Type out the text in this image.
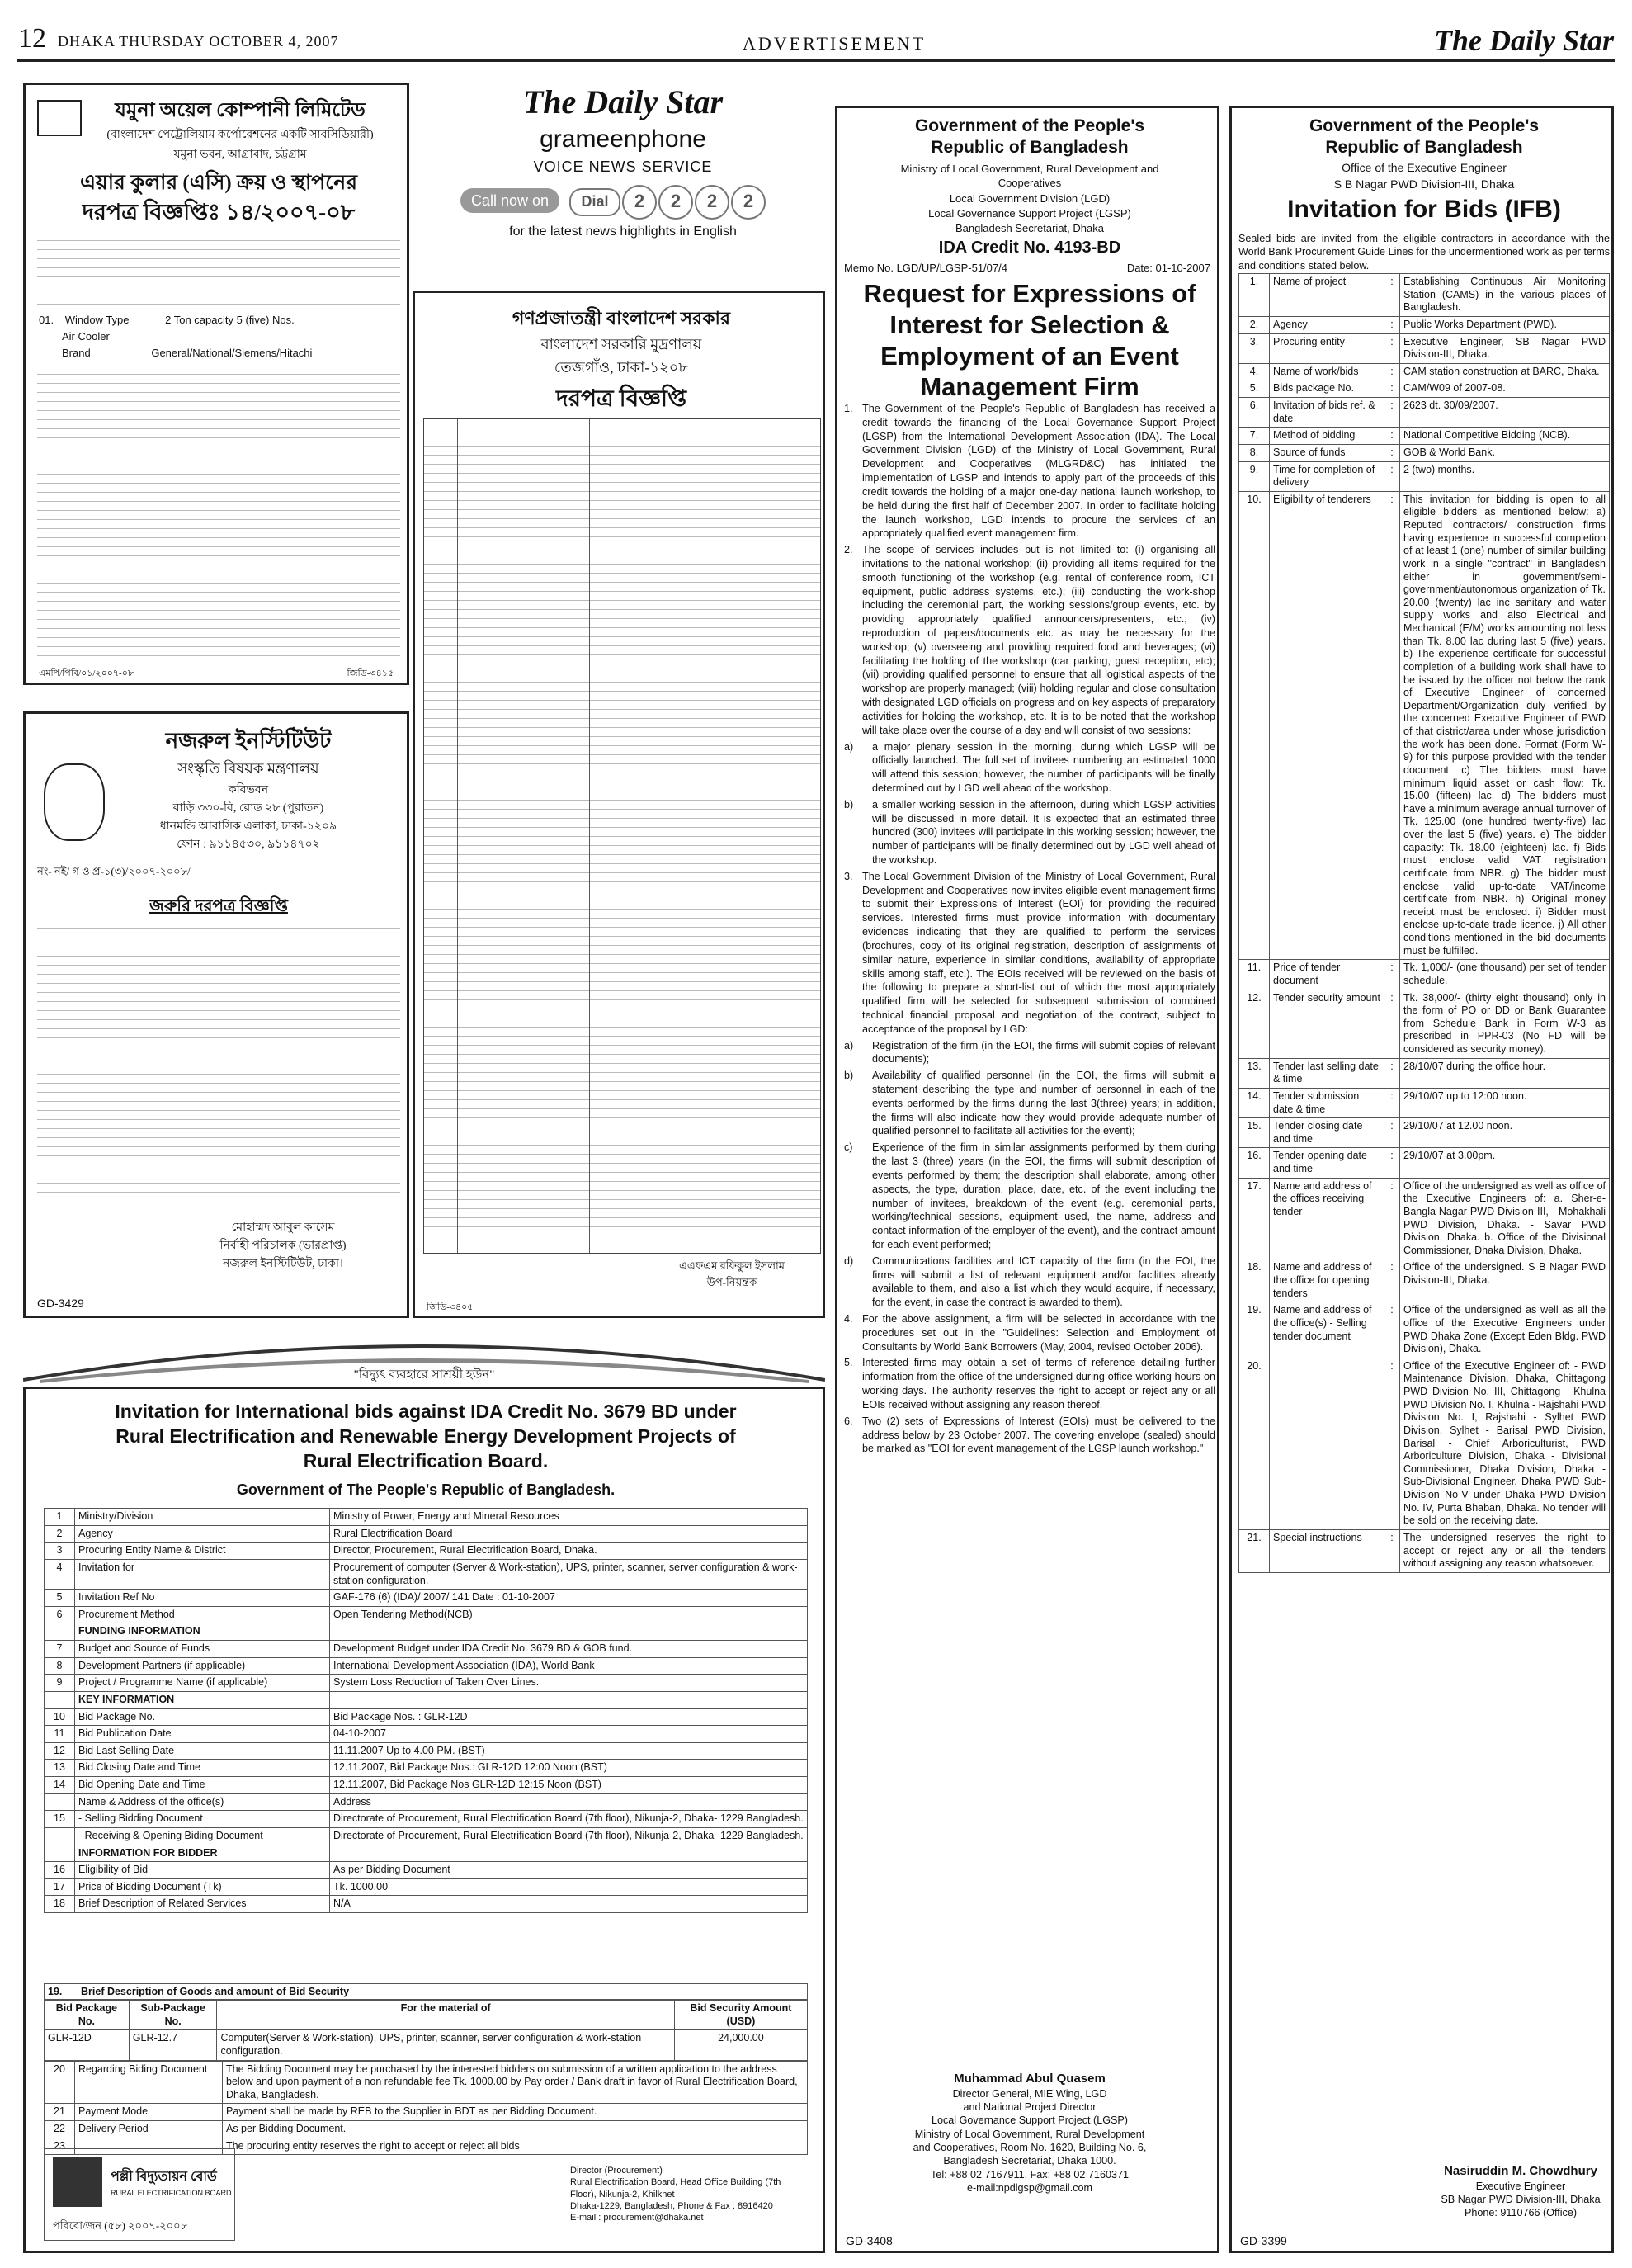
12 DHAKA THURSDAY OCTOBER 4, 2007	ADVERTISEMENT	The Daily Star
যমুনা অয়েল কোম্পানী লিমিটেড
(বাংলাদেশ পেট্রোলিয়াম কর্পোরেশনের একটি সাবসিডিয়ারী)
যমুনা ভবন, আগ্রাবাদ, চট্টগ্রাম
এয়ার কুলার (এসি) ক্রয় ও স্থাপনের
দরপত্র বিজ্ঞপ্তিঃ ১৪/২০০৭-০৮
01. Window Type	2 Ton capacity 5 (five) Nos.
Air Cooler
Brand	General/National/Siemens/Hitachi
এমপি/পিবি/০১/২০০৭-০৮	জিডি-৩৪১৫
The Daily Star
grameenphone
VOICE NEWS SERVICE
Call now on	Dial	2	2	2	2
for the latest news highlights in English
গণপ্রজাতন্ত্রী বাংলাদেশ সরকার
বাংলাদেশ সরকারি মুদ্রণালয়
তেজগাঁও, ঢাকা-১২০৮
দরপত্র বিজ্ঞপ্তি
এএফএম রফিকুল ইসলাম
উপ-নিয়ন্ত্রক
জিডি-৩৪০৫
নজরুল ইনস্টিটিউট
সংস্কৃতি বিষয়ক মন্ত্রণালয়
কবিভবন
বাড়ি ৩৩০-বি, রোড ২৮ (পুরাতন)
ধানমন্ডি আবাসিক এলাকা, ঢাকা-১২০৯
ফোন : ৯১১৪৫৩০, ৯১১৪৭০২
নং- নই/ গ ও প্র-১(৩)/২০০৭-২০০৮/
জরুরি দরপত্র বিজ্ঞপ্তি
মোহাম্মদ আবুল কাসেম
নির্বাহী পরিচালক (ভারপ্রাপ্ত)
নজরুল ইনস্টিটিউট, ঢাকা।
GD-3429
"বিদ্যুৎ ব্যবহারে সাশ্রয়ী হউন"
Invitation for International bids against IDA Credit No. 3679 BD under
Rural Electrification and Renewable Energy Development Projects of
Rural Electrification Board.
Government of The People's Republic of Bangladesh.
1	Ministry/Division	Ministry of Power, Energy and Mineral Resources
2	Agency	Rural Electrification Board
3	Procuring Entity Name & District	Director, Procurement, Rural Electrification Board, Dhaka.
4	Invitation for	Procurement of computer (Server & Work-station), UPS, printer, scanner, server configuration & work-station configuration.
5	Invitation Ref No	GAF-176 (6) (IDA)/ 2007/ 141 Date : 01-10-2007
6	Procurement Method	Open Tendering Method(NCB)
	FUNDING INFORMATION	
7	Budget and Source of Funds	Development Budget under IDA Credit No. 3679 BD & GOB fund.
8	Development Partners (if applicable)	International Development Association (IDA), World Bank
9	Project / Programme Name (if applicable)	System Loss Reduction of Taken Over Lines.
	KEY INFORMATION	
10	Bid Package No.	Bid Package Nos. : GLR-12D
11	Bid Publication Date	04-10-2007
12	Bid Last Selling Date	11.11.2007 Up to 4.00 PM. (BST)
13	Bid Closing Date and Time	12.11.2007, Bid Package Nos.: GLR-12D 12:00 Noon (BST)
14	Bid Opening Date and Time	12.11.2007, Bid Package Nos GLR-12D 12:15 Noon (BST)
	Name & Address of the office(s)	Address
15	- Selling Bidding Document	Directorate of Procurement, Rural Electrification Board (7th floor), Nikunja-2, Dhaka- 1229 Bangladesh.
	- Receiving & Opening Biding Document	Directorate of Procurement, Rural Electrification Board (7th floor), Nikunja-2, Dhaka- 1229 Bangladesh.
	INFORMATION FOR BIDDER	
16	Eligibility of Bid	As per Bidding Document
17	Price of Bidding Document (Tk)	Tk. 1000.00
18	Brief Description of Related Services	N/A
19. Brief Description of Goods and amount of Bid Security
Bid Package No.	Sub-Package No.	For the material of	Bid Security Amount (USD)
GLR-12D	GLR-12.7	Computer(Server & Work-station), UPS, printer, scanner, server configuration & work-station configuration.	24,000.00
20	Regarding Biding Document	The Bidding Document may be purchased by the interested bidders on submission of a written application to the address below and upon payment of a non refundable fee Tk. 1000.00 by Pay order / Bank draft in favor of Rural Electrification Board, Dhaka, Bangladesh.
21	Payment Mode	Payment shall be made by REB to the Supplier in BDT as per Bidding Document.
22	Delivery Period	As per Bidding Document.
23		The procuring entity reserves the right to accept or reject all bids
পল্লী বিদ্যুতায়ন বোর্ড
RURAL ELECTRIFICATION BOARD
পবিবো/জন (৫৮) ২০০৭-২০০৮
Director (Procurement)
Rural Electrification Board, Head Office Building (7th Floor), Nikunja-2, Khilkhet
Dhaka-1229, Bangladesh, Phone & Fax : 8916420
E-mail : procurement@dhaka.net
Government of the People's
Republic of Bangladesh
Ministry of Local Government, Rural Development and Cooperatives
Local Government Division (LGD)
Local Governance Support Project (LGSP)
Bangladesh Secretariat, Dhaka
IDA Credit No. 4193-BD
Memo No. LGD/UP/LGSP-51/07/4	Date: 01-10-2007
Request for Expressions of Interest for Selection & Employment of an Event Management Firm
1. The Government of the People's Republic of Bangladesh has received a credit towards the financing of the Local Governance Support Project (LGSP) from the International Development Association (IDA). The Local Government Division (LGD) of the Ministry of Local Government, Rural Development and Cooperatives (MLGRD&C) has initiated the implementation of LGSP and intends to apply part of the proceeds of this credit towards the holding of a major one-day national launch workshop, to be held during the first half of December 2007. In order to facilitate holding the launch workshop, LGD intends to procure the services of an appropriately qualified event management firm.
2. The scope of services includes but is not limited to: (i) organising all invitations to the national workshop; (ii) providing all items required for the smooth functioning of the workshop (e.g. rental of conference room, ICT equipment, public address systems, etc.); (iii) conducting the work-shop including the ceremonial part, the working sessions/group events, etc. by providing appropriately qualified announcers/presenters, etc.; (iv) reproduction of papers/documents etc. as may be necessary for the workshop; (v) overseeing and providing required food and beverages; (vi) facilitating the holding of the workshop (car parking, guest reception, etc); (vii) providing qualified personnel to ensure that all logistical aspects of the workshop are properly managed; (viii) holding regular and close consultation with designated LGD officials on progress and on key aspects of preparatory activities for holding the workshop, etc. It is to be noted that the workshop will take place over the course of a day and will consist of two sessions:
a)	a major plenary session in the morning, during which LGSP will be officially launched. The full set of invitees numbering an estimated 1000 will attend this session; however, the number of participants will be finally determined out by LGD well ahead of the workshop.
b)	a smaller working session in the afternoon, during which LGSP activities will be discussed in more detail. It is expected that an estimated three hundred (300) invitees will participate in this working session; however, the number of participants will be finally determined out by LGD well ahead of the workshop.
3. The Local Government Division of the Ministry of Local Government, Rural Development and Cooperatives now invites eligible event management firms to submit their Expressions of Interest (EOI) for providing the required services. Interested firms must provide information with documentary evidences indicating that they are qualified to perform the services (brochures, copy of its original registration, description of assignments of similar nature, experience in similar conditions, availability of appropriate skills among staff, etc.). The EOIs received will be reviewed on the basis of the following to prepare a short-list out of which the most appropriately qualified firm will be selected for subsequent submission of combined technical financial proposal and negotiation of the contract, subject to acceptance of the proposal by LGD:
a)	Registration of the firm (in the EOI, the firms will submit copies of relevant documents);
b)	Availability of qualified personnel (in the EOI, the firms will submit a statement describing the type and number of personnel in each of the events performed by the firms during the last 3(three) years; in addition, the firms will also indicate how they would provide adequate number of qualified personnel to facilitate all activities for the event);
c)	Experience of the firm in similar assignments performed by them during the last 3 (three) years (in the EOI, the firms will submit description of events performed by them; the description shall elaborate, among other aspects, the type, duration, place, date, etc. of the event including the number of invitees, breakdown of the event (e.g. ceremonial parts, working/technical sessions, equipment used, the name, address and contact information of the employer of the event), and the contract amount for each event performed;
d)	Communications facilities and ICT capacity of the firm (in the EOI, the firms will submit a list of relevant equipment and/or facilities already available to them, and also a list which they would acquire, if necessary, for the event, in case the contract is awarded to them).
4. For the above assignment, a firm will be selected in accordance with the procedures set out in the "Guidelines: Selection and Employment of Consultants by World Bank Borrowers (May, 2004, revised October 2006).
5. Interested firms may obtain a set of terms of reference detailing further information from the office of the undersigned during office working hours on working days. The authority reserves the right to accept or reject any or all EOIs received without assigning any reason thereof.
6. Two (2) sets of Expressions of Interest (EOIs) must be delivered to the address below by 23 October 2007. The covering envelope (sealed) should be marked as "EOI for event management of the LGSP launch workshop."
Muhammad Abul Quasem
Director General, MIE Wing, LGD
and National Project Director
Local Governance Support Project (LGSP)
Ministry of Local Government, Rural Development
and Cooperatives, Room No. 1620, Building No. 6,
Bangladesh Secretariat, Dhaka 1000.
Tel: +88 02 7167911, Fax: +88 02 7160371
e-mail:npdlgsp@gmail.com
GD-3408
Government of the People's
Republic of Bangladesh
Office of the Executive Engineer
S B Nagar PWD Division-III, Dhaka
Invitation for Bids (IFB)
Sealed bids are invited from the eligible contractors in accordance with the World Bank Procurement Guide Lines for the undermentioned work as per terms and conditions stated below.
1.	Name of project	:	Establishing Continuous Air Monitoring Station (CAMS) in the various places of Bangladesh.
2.	Agency	:	Public Works Department (PWD).
3.	Procuring entity	:	Executive Engineer, SB Nagar PWD Division-III, Dhaka.
4.	Name of work/bids	:	CAM station construction at BARC, Dhaka.
5.	Bids package No.	:	CAM/W09 of 2007-08.
6.	Invitation of bids ref. & date	:	2623 dt. 30/09/2007.
7.	Method of bidding	:	National Competitive Bidding (NCB).
8.	Source of funds	:	GOB & World Bank.
9.	Time for completion of delivery	:	2 (two) months.
10.	Eligibility of tenderers	:	This invitation for bidding is open to all eligible bidders as mentioned below: a) Reputed contractors/ construction firms having experience in successful completion of at least 1 (one) number of similar building work in a single "contract" in Bangladesh either in government/semi-government/autonomous organization of Tk. 20.00 (twenty) lac inc sanitary and water supply works and also Electrical and Mechanical (E/M) works amounting not less than Tk. 8.00 lac during last 5 (five) years. b) The experience certificate for successful completion of a building work shall have to be issued by the officer not below the rank of Executive Engineer of concerned Department/Organization duly verified by the concerned Executive Engineer of PWD of that district/area under whose jurisdiction the work has been done. Format (Form W-9) for this purpose provided with the tender document. c) The bidders must have minimum liquid asset or cash flow: Tk. 15.00 (fifteen) lac. d) The bidders must have a minimum average annual turnover of Tk. 125.00 (one hundred twenty-five) lac over the last 5 (five) years. e) The bidder capacity: Tk. 18.00 (eighteen) lac. f) Bids must enclose valid VAT registration certificate from NBR. g) The bidder must enclose valid up-to-date VAT/income certificate from NBR. h) Original money receipt must be enclosed. i) Bidder must enclose up-to-date trade licence. j) All other conditions mentioned in the bid documents must be fulfilled.
11.	Price of tender document	:	Tk. 1,000/- (one thousand) per set of tender schedule.
12.	Tender security amount	:	Tk. 38,000/- (thirty eight thousand) only in the form of PO or DD or Bank Guarantee from Schedule Bank in Form W-3 as prescribed in PPR-03 (No FD will be considered as security money).
13.	Tender last selling date & time	:	28/10/07 during the office hour.
14.	Tender submission date & time	:	29/10/07 up to 12:00 noon.
15.	Tender closing date and time	:	29/10/07 at 12.00 noon.
16.	Tender opening date and time	:	29/10/07 at 3.00pm.
17.	Name and address of the offices receiving tender	:	Office of the undersigned as well as office of the Executive Engineers of: a. Sher-e-Bangla Nagar PWD Division-III, - Mohakhali PWD Division, Dhaka. - Savar PWD Division, Dhaka. b. Office of the Divisional Commissioner, Dhaka Division, Dhaka.
18.	Name and address of the office for opening tenders	:	Office of the undersigned. S B Nagar PWD Division-III, Dhaka.
19.	Name and address of the office(s) - Selling tender document	:	Office of the undersigned as well as all the office of the Executive Engineers under PWD Dhaka Zone (Except Eden Bldg. PWD Division), Dhaka.
20.		:	Office of the Executive Engineer of: - PWD Maintenance Division, Dhaka, Chittagong PWD Division No. III, Chittagong - Khulna PWD Division No. I, Khulna - Rajshahi PWD Division No. I, Rajshahi - Sylhet PWD Division, Sylhet - Barisal PWD Division, Barisal - Chief Arboriculturist, PWD Arboriculture Division, Dhaka - Divisional Commissioner, Dhaka Division, Dhaka - Sub-Divisional Engineer, Dhaka PWD Sub-Division No-V under Dhaka PWD Division No. IV, Purta Bhaban, Dhaka. No tender will be sold on the receiving date.
21.	Special instructions	:	The undersigned reserves the right to accept or reject any or all the tenders without assigning any reason whatsoever.
Nasiruddin M. Chowdhury
Executive Engineer
SB Nagar PWD Division-III, Dhaka
Phone: 9110766 (Office)
GD-3399
